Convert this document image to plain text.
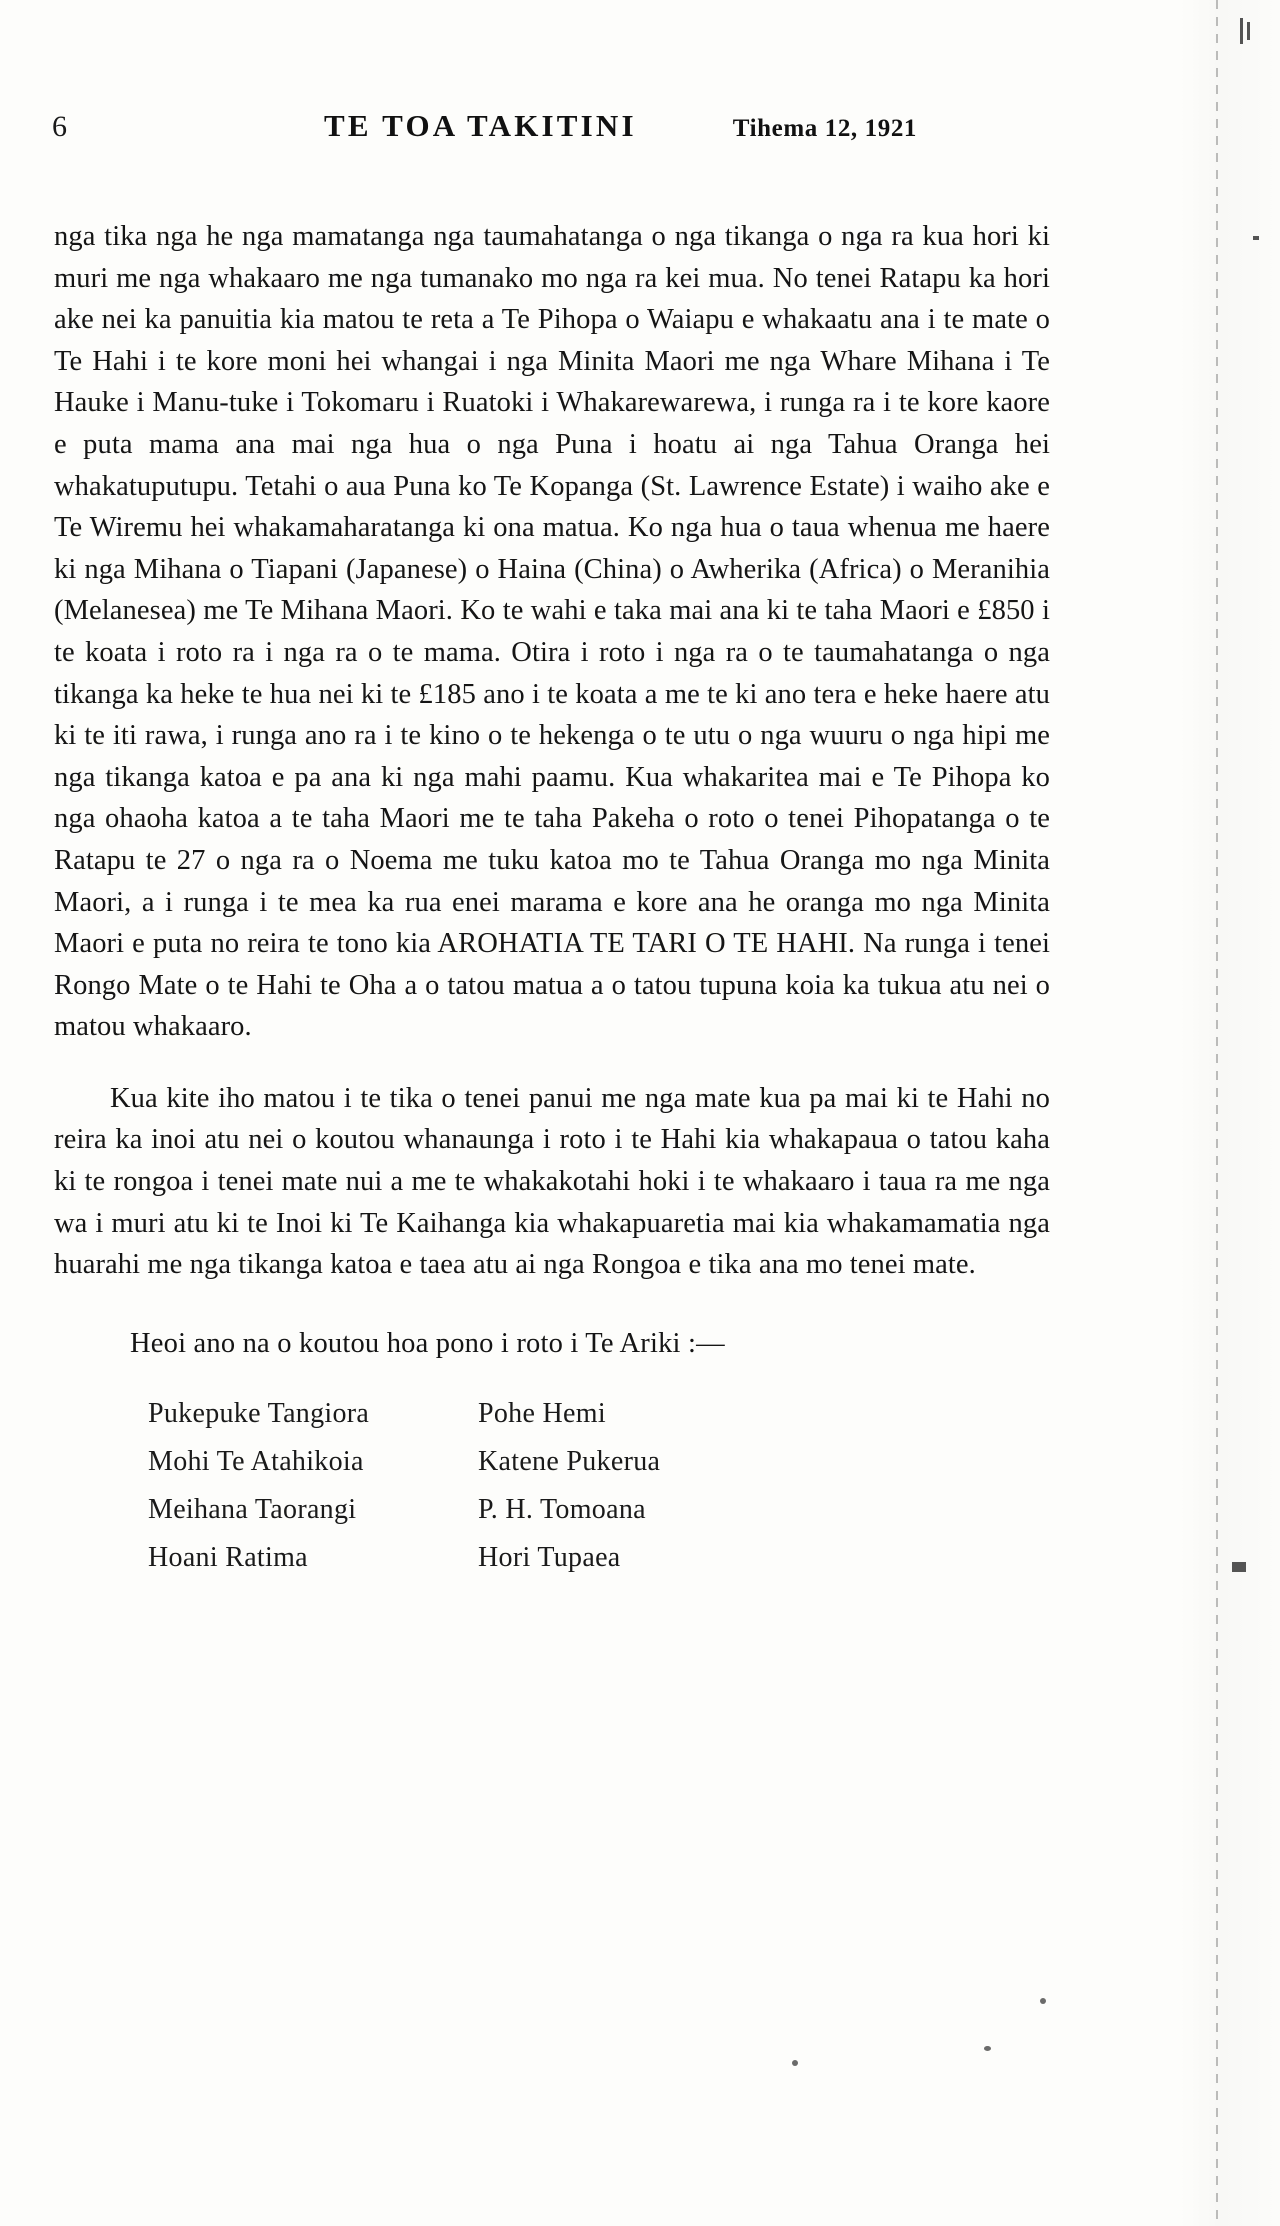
6	TE TOA TAKITINI	Tihema 12, 1921

nga tika nga he nga mamatanga nga taumahatanga o nga tikanga o nga ra kua hori ki muri me nga whakaaro me nga tumanako mo nga ra kei mua. No tenei Ratapu ka hori ake nei ka panuitia kia matou te reta a Te Pihopa o Waiapu e whakaatu ana i te mate o Te Hahi i te kore moni hei whangai i nga Minita Maori me nga Whare Mihana i Te Hauke i Manu-tuke i Tokomaru i Ruatoki i Whakarewarewa, i runga ra i te kore kaore e puta mama ana mai nga hua o nga Puna i hoatu ai nga Tahua Oranga hei whakatuputupu. Tetahi o aua Puna ko Te Kopanga (St. Lawrence Estate) i waiho ake e Te Wiremu hei whakamaharatanga ki ona matua. Ko nga hua o taua whenua me haere ki nga Mihana o Tiapani (Japanese) o Haina (China) o Awherika (Africa) o Meranihia (Melanesea) me Te Mihana Maori. Ko te wahi e taka mai ana ki te taha Maori e £850 i te koata i roto ra i nga ra o te mama. Otira i roto i nga ra o te taumahatanga o nga tikanga ka heke te hua nei ki te £185 ano i te koata a me te ki ano tera e heke haere atu ki te iti rawa, i runga ano ra i te kino o te hekenga o te utu o nga wuuru o nga hipi me nga tikanga katoa e pa ana ki nga mahi paamu. Kua whakaritea mai e Te Pihopa ko nga ohaoha katoa a te taha Maori me te taha Pakeha o roto o tenei Pihopatanga o te Ratapu te 27 o nga ra o Noema me tuku katoa mo te Tahua Oranga mo nga Minita Maori, a i runga i te mea ka rua enei marama e kore ana he oranga mo nga Minita Maori e puta no reira te tono kia AROHATIA TE TARI O TE HAHI. Na runga i tenei Rongo Mate o te Hahi te Oha a o tatou matua a o tatou tupuna koia ka tukua atu nei o matou whakaaro.

Kua kite iho matou i te tika o tenei panui me nga mate kua pa mai ki te Hahi no reira ka inoi atu nei o koutou whanaunga i roto i te Hahi kia whakapaua o tatou kaha ki te rongoa i tenei mate nui a me te whakakotahi hoki i te whakaaro i taua ra me nga wa i muri atu ki te Inoi ki Te Kaihanga kia whakapuaretia mai kia whakamamatia nga huarahi me nga tikanga katoa e taea atu ai nga Rongoa e tika ana mo tenei mate.

Heoi ano na o koutou hoa pono i roto i Te Ariki :—
Pukepuke Tangiora
Mohi Te Atahikoia
Meihana Taorangi
Hoani Ratima
Pohe Hemi
Katene Pukerua
P. H. Tomoana
Hori Tupaea
